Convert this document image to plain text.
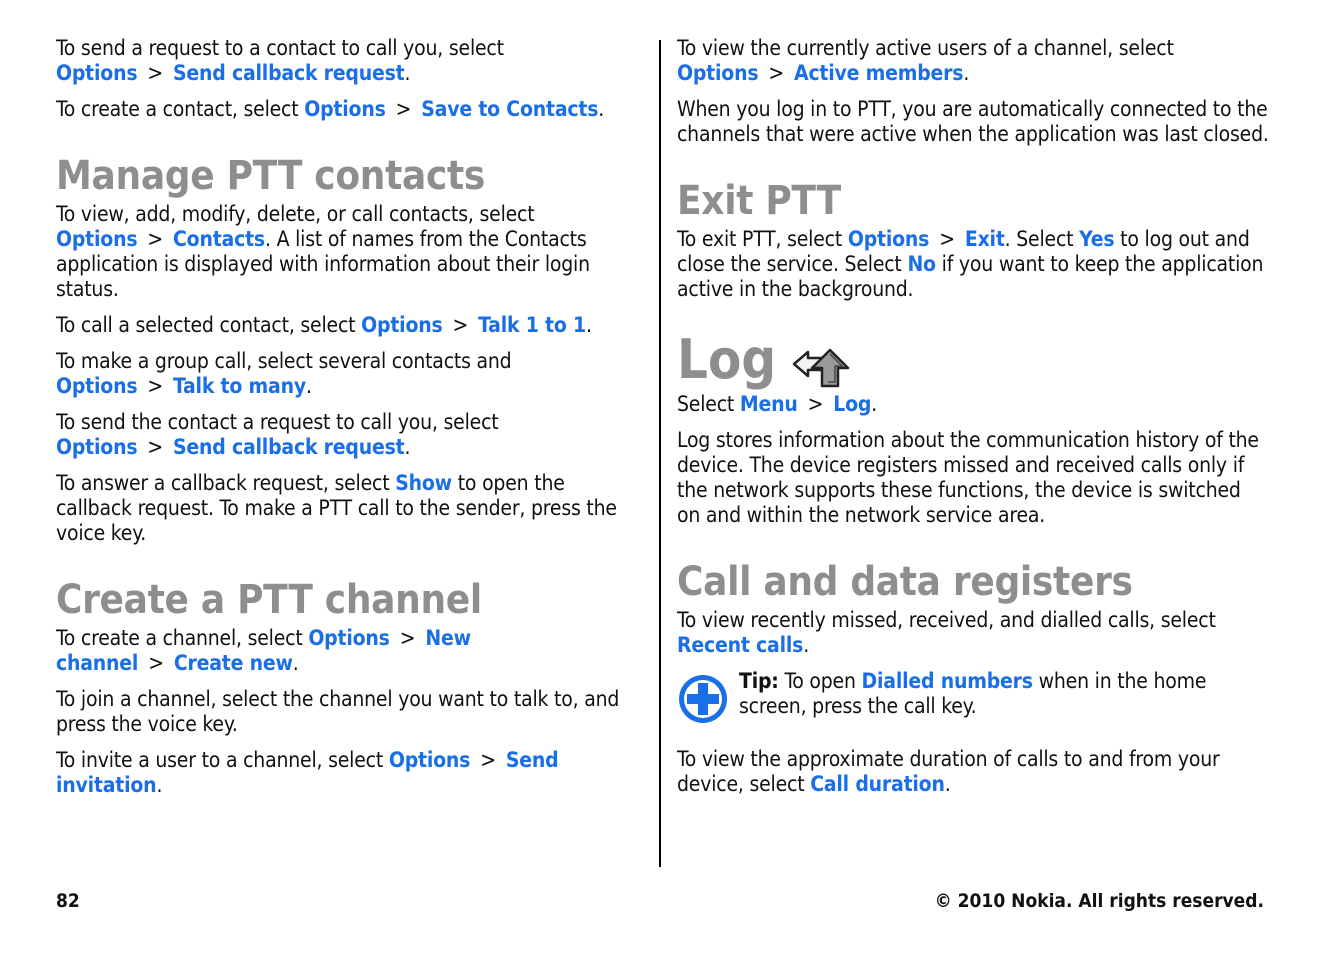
To send a request to a contact to call you, select Options > Send callback request.

To create a contact, select Options > Save to Contacts.

Manage PTT contacts

To view, add, modify, delete, or call contacts, select Options > Contacts. A list of names from the Contacts application is displayed with information about their login status.

To call a selected contact, select Options > Talk 1 to 1.

To make a group call, select several contacts and Options > Talk to many.

To send the contact a request to call you, select Options > Send callback request.

To answer a callback request, select Show to open the callback request. To make a PTT call to the sender, press the voice key.

Create a PTT channel

To create a channel, select Options > New channel > Create new.

To join a channel, select the channel you want to talk to, and press the voice key.

To invite a user to a channel, select Options > Send invitation.

To view the currently active users of a channel, select Options > Active members.

When you log in to PTT, you are automatically connected to the channels that were active when the application was last closed.

Exit PTT

To exit PTT, select Options > Exit. Select Yes to log out and close the service. Select No if you want to keep the application active in the background.

Log

Select Menu > Log.

Log stores information about the communication history of the device. The device registers missed and received calls only if the network supports these functions, the device is switched on and within the network service area.

Call and data registers

To view recently missed, received, and dialled calls, select Recent calls.

Tip: To open Dialled numbers when in the home screen, press the call key.

To view the approximate duration of calls to and from your device, select Call duration.

82	© 2010 Nokia. All rights reserved.
